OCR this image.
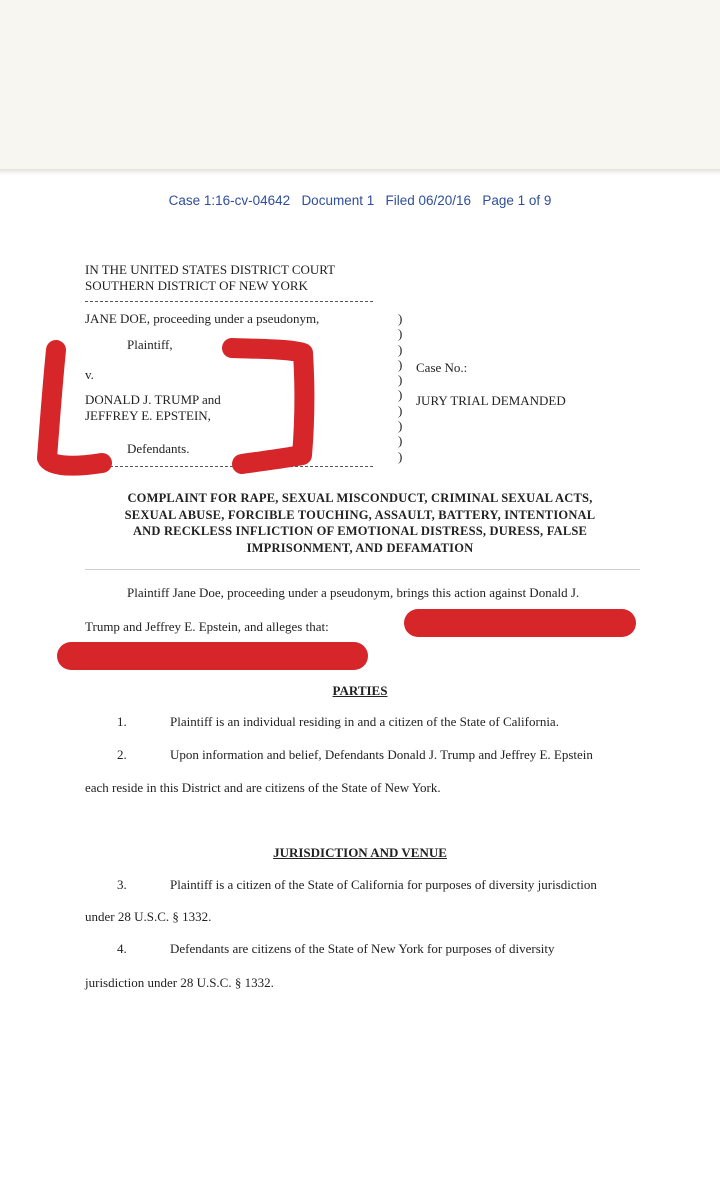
Case 1:16-cv-04642 Document 1 Filed 06/20/16 Page 1 of 9
IN THE UNITED STATES DISTRICT COURT
SOUTHERN DISTRICT OF NEW YORK
JANE DOE, proceeding under a pseudonym,
Plaintiff,
v.
DONALD J. TRUMP and
JEFFREY E. EPSTEIN,
Defendants.
)
)
)
)
)
)
)
)
)
)
Case No.:
JURY TRIAL DEMANDED
COMPLAINT FOR RAPE, SEXUAL MISCONDUCT, CRIMINAL SEXUAL ACTS,
SEXUAL ABUSE, FORCIBLE TOUCHING, ASSAULT, BATTERY, INTENTIONAL
AND RECKLESS INFLICTION OF EMOTIONAL DISTRESS, DURESS, FALSE
IMPRISONMENT, AND DEFAMATION
Plaintiff Jane Doe, proceeding under a pseudonym, brings this action against Donald J.
Trump and Jeffrey E. Epstein, and alleges that:
PARTIES
1.	Plaintiff is an individual residing in and a citizen of the State of California.
2.	Upon information and belief, Defendants Donald J. Trump and Jeffrey E. Epstein
each reside in this District and are citizens of the State of New York.
JURISDICTION AND VENUE
3.	Plaintiff is a citizen of the State of California for purposes of diversity jurisdiction
under 28 U.S.C. § 1332.
4.	Defendants are citizens of the State of New York for purposes of diversity
jurisdiction under 28 U.S.C. § 1332.
